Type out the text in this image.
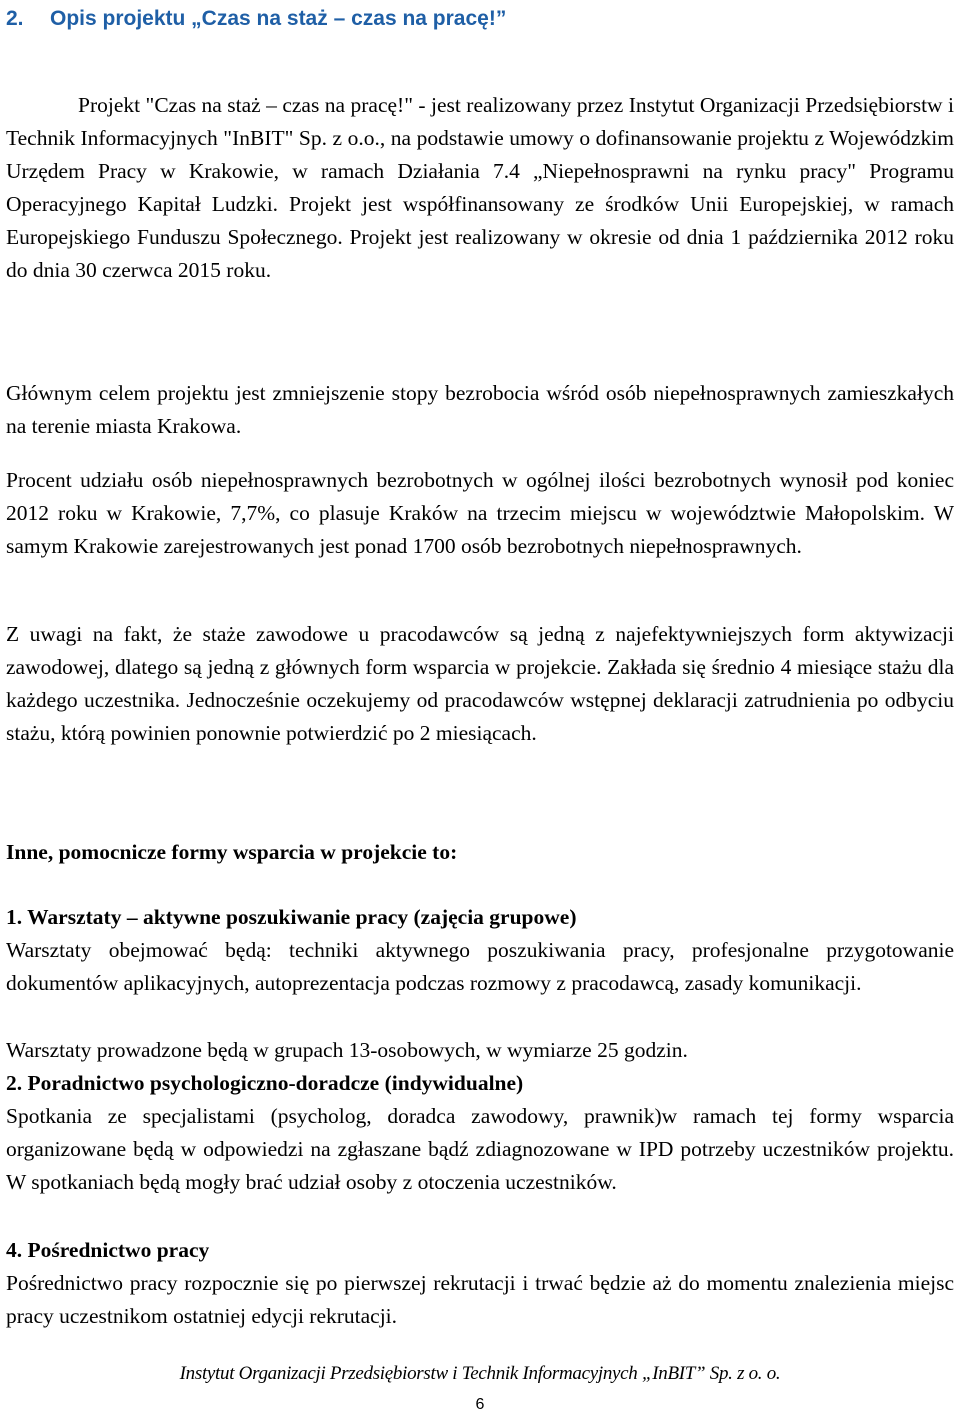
2. Opis projektu „Czas na staż – czas na pracę!”

Projekt "Czas na staż – czas na pracę!" - jest realizowany przez Instytut Organizacji Przedsiębiorstw i Technik Informacyjnych "InBIT" Sp. z o.o., na podstawie umowy o dofinansowanie projektu z Wojewódzkim Urzędem Pracy w Krakowie, w ramach Działania 7.4 „Niepełnosprawni na rynku pracy" Programu Operacyjnego Kapitał Ludzki. Projekt jest współfinansowany ze środków Unii Europejskiej, w ramach Europejskiego Funduszu Społecznego. Projekt jest realizowany w okresie od dnia 1 października 2012 roku do dnia 30 czerwca 2015 roku.

Głównym celem projektu jest zmniejszenie stopy bezrobocia wśród osób niepełnosprawnych zamieszkałych na terenie miasta Krakowa.

Procent udziału osób niepełnosprawnych bezrobotnych w ogólnej ilości bezrobotnych wynosił pod koniec 2012 roku w Krakowie, 7,7%, co plasuje Kraków na trzecim miejscu w województwie Małopolskim. W samym Krakowie zarejestrowanych jest ponad 1700 osób bezrobotnych niepełnosprawnych.

Z uwagi na fakt, że staże zawodowe u pracodawców są jedną z najefektywniejszych form aktywizacji zawodowej, dlatego są jedną z głównych form wsparcia w projekcie. Zakłada się średnio 4 miesiące stażu dla każdego uczestnika. Jednocześnie oczekujemy od pracodawców wstępnej deklaracji zatrudnienia po odbyciu stażu, którą powinien ponownie potwierdzić po 2 miesiącach.

Inne, pomocnicze formy wsparcia w projekcie to:

1. Warsztaty – aktywne poszukiwanie pracy (zajęcia grupowe)

Warsztaty obejmować będą: techniki aktywnego poszukiwania pracy, profesjonalne przygotowanie dokumentów aplikacyjnych, autoprezentacja podczas rozmowy z pracodawcą, zasady komunikacji.

Warsztaty prowadzone będą w grupach 13-osobowych, w wymiarze 25 godzin.

2. Poradnictwo psychologiczno-doradcze (indywidualne)

Spotkania ze specjalistami (psycholog, doradca zawodowy, prawnik)w ramach tej formy wsparcia organizowane będą w odpowiedzi na zgłaszane bądź zdiagnozowane w IPD potrzeby uczestników projektu. W spotkaniach będą mogły brać udział osoby z otoczenia uczestników.

4. Pośrednictwo pracy

Pośrednictwo pracy rozpocznie się po pierwszej rekrutacji i trwać będzie aż do momentu znalezienia miejsc pracy uczestnikom ostatniej edycji rekrutacji.

Instytut Organizacji Przedsiębiorstw i Technik Informacyjnych „InBIT” Sp. z o. o.
6
